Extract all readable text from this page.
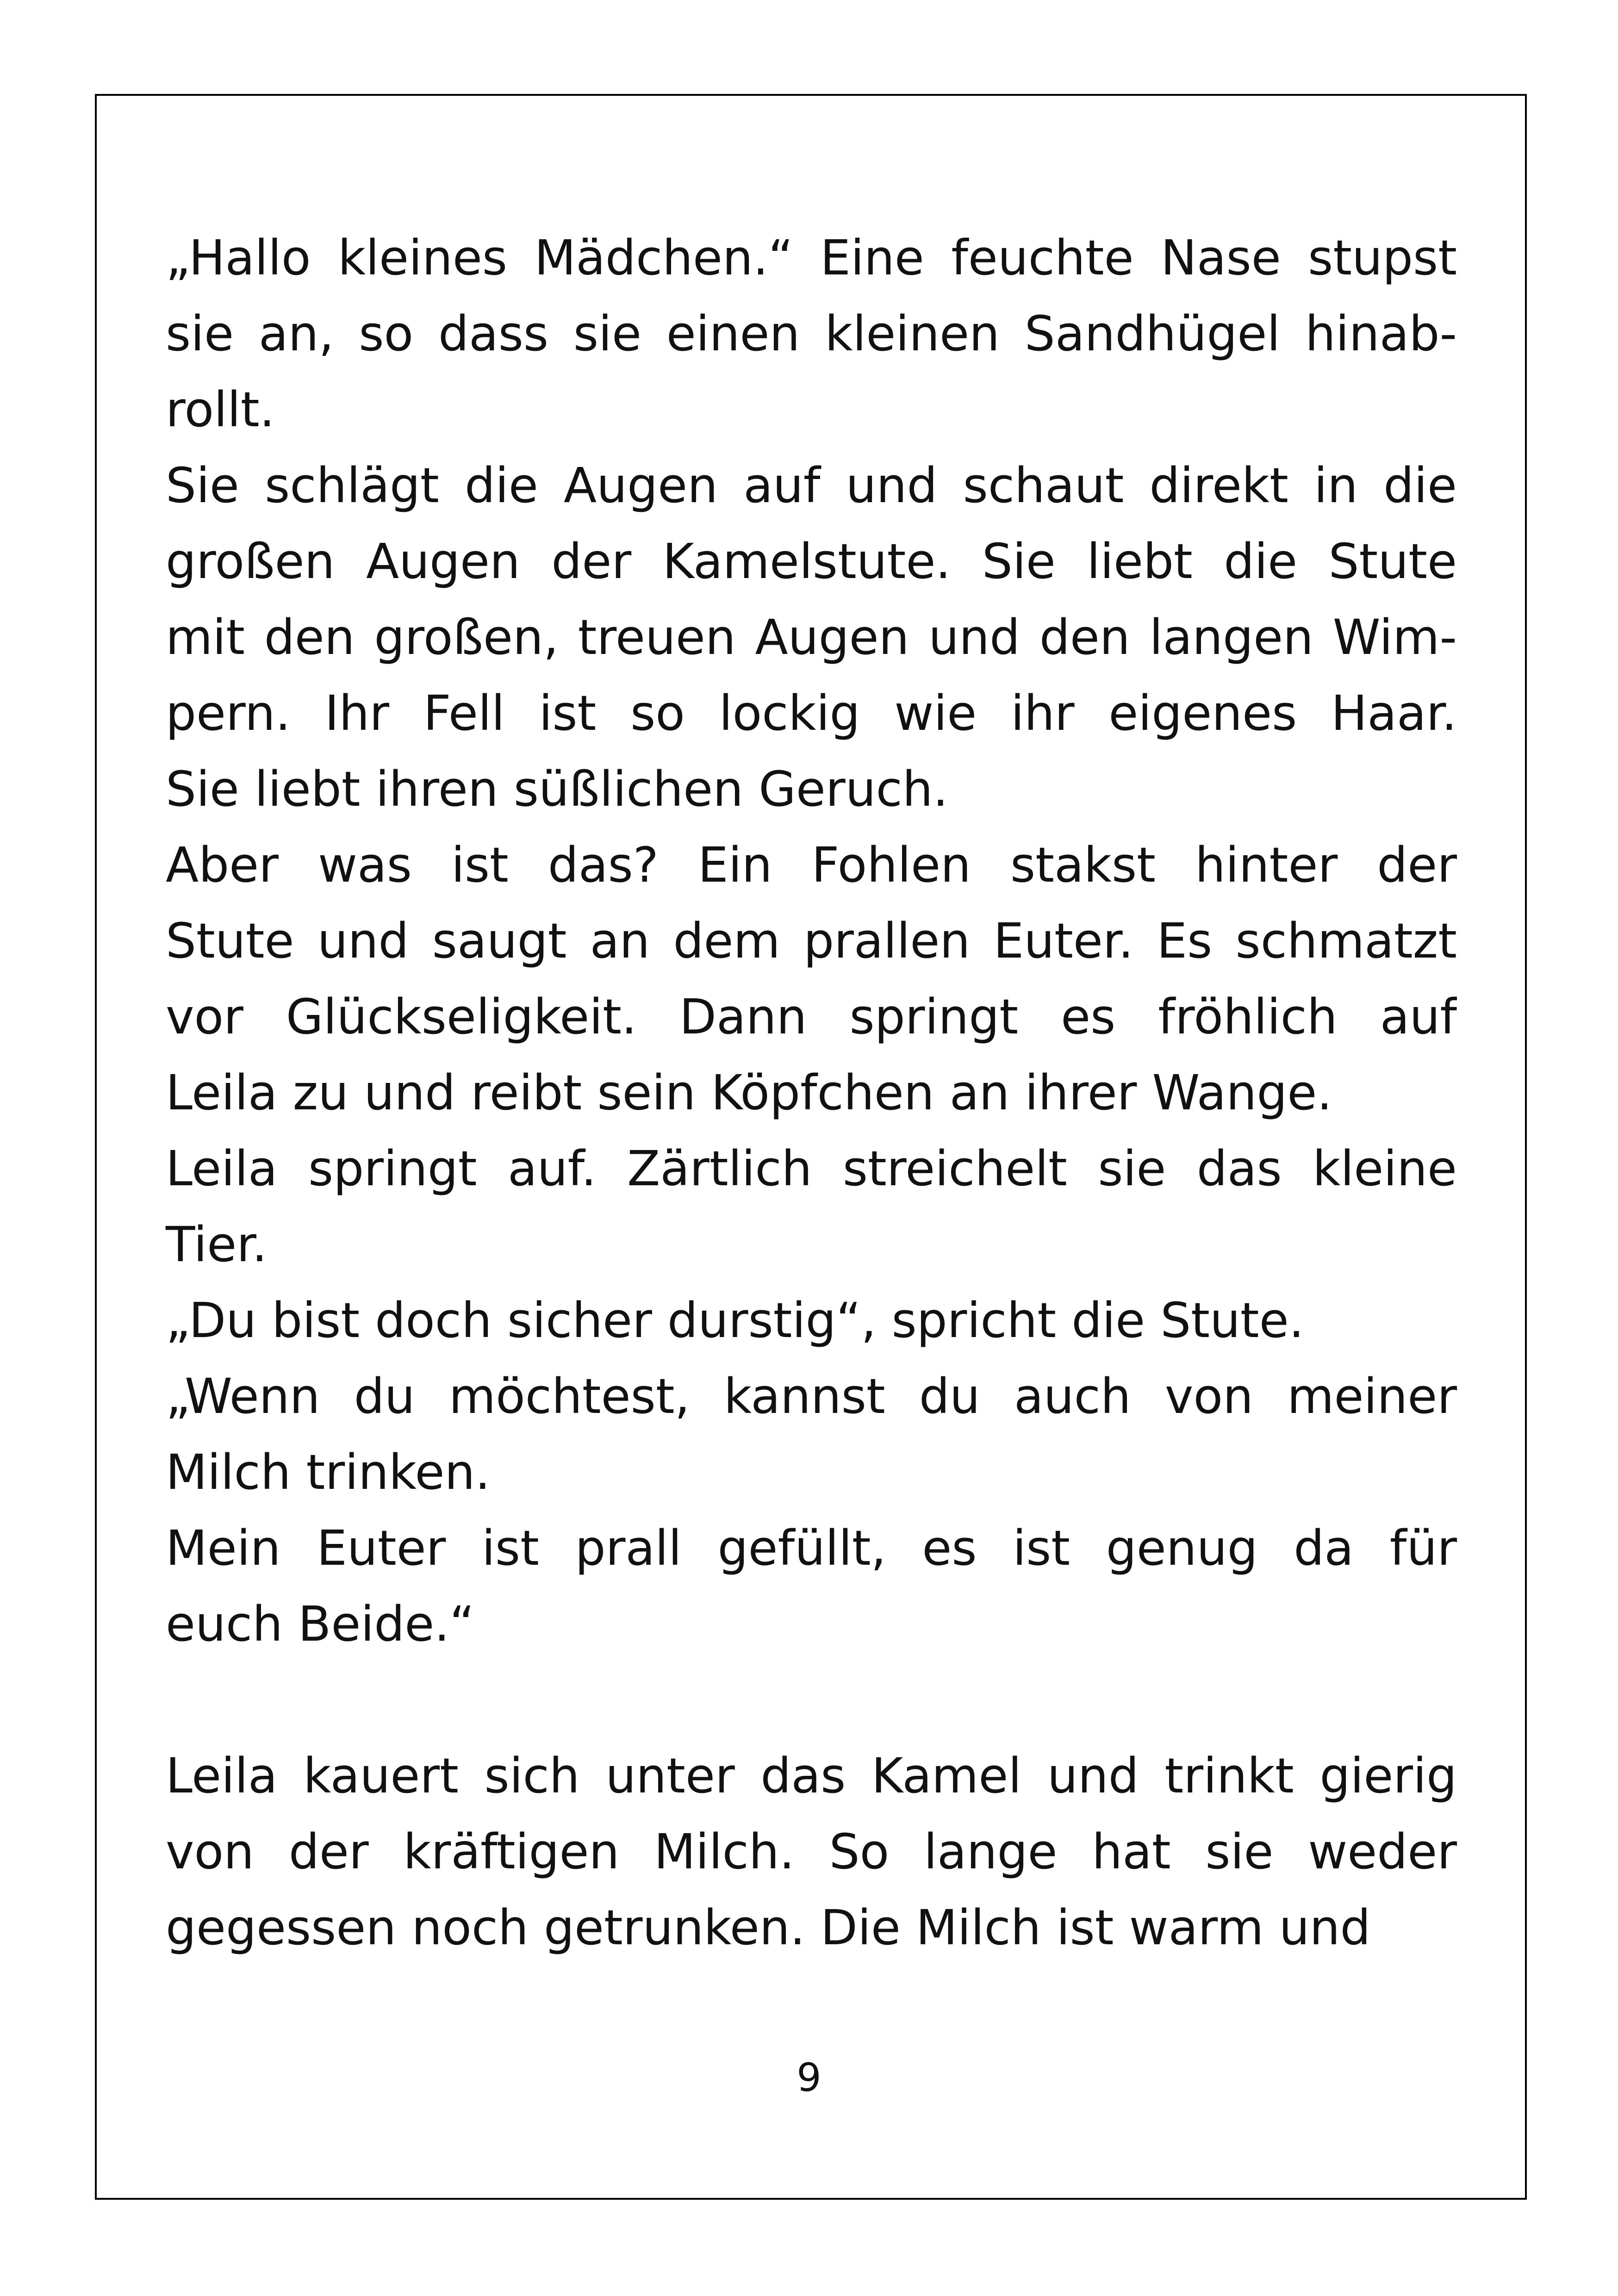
„Hallo kleines Mädchen.“ Eine feuchte Nase stupst
sie an, so dass sie einen kleinen Sandhügel hinab-
rollt.
Sie schlägt die Augen auf und schaut direkt in die
großen Augen der Kamelstute. Sie liebt die Stute
mit den großen, treuen Augen und den langen Wim-
pern. Ihr Fell ist so lockig wie ihr eigenes Haar.
Sie liebt ihren süßlichen Geruch.
Aber was ist das? Ein Fohlen stakst hinter der
Stute und saugt an dem prallen Euter. Es schmatzt
vor Glückseligkeit. Dann springt es fröhlich auf
Leila zu und reibt sein Köpfchen an ihrer Wange.
Leila springt auf. Zärtlich streichelt sie das kleine
Tier.
„Du bist doch sicher durstig“, spricht die Stute.
„Wenn du möchtest, kannst du auch von meiner
Milch trinken.
Mein Euter ist prall gefüllt, es ist genug da für
euch Beide.“
Leila kauert sich unter das Kamel und trinkt gierig
von der kräftigen Milch. So lange hat sie weder
gegessen noch getrunken. Die Milch ist warm und
9
